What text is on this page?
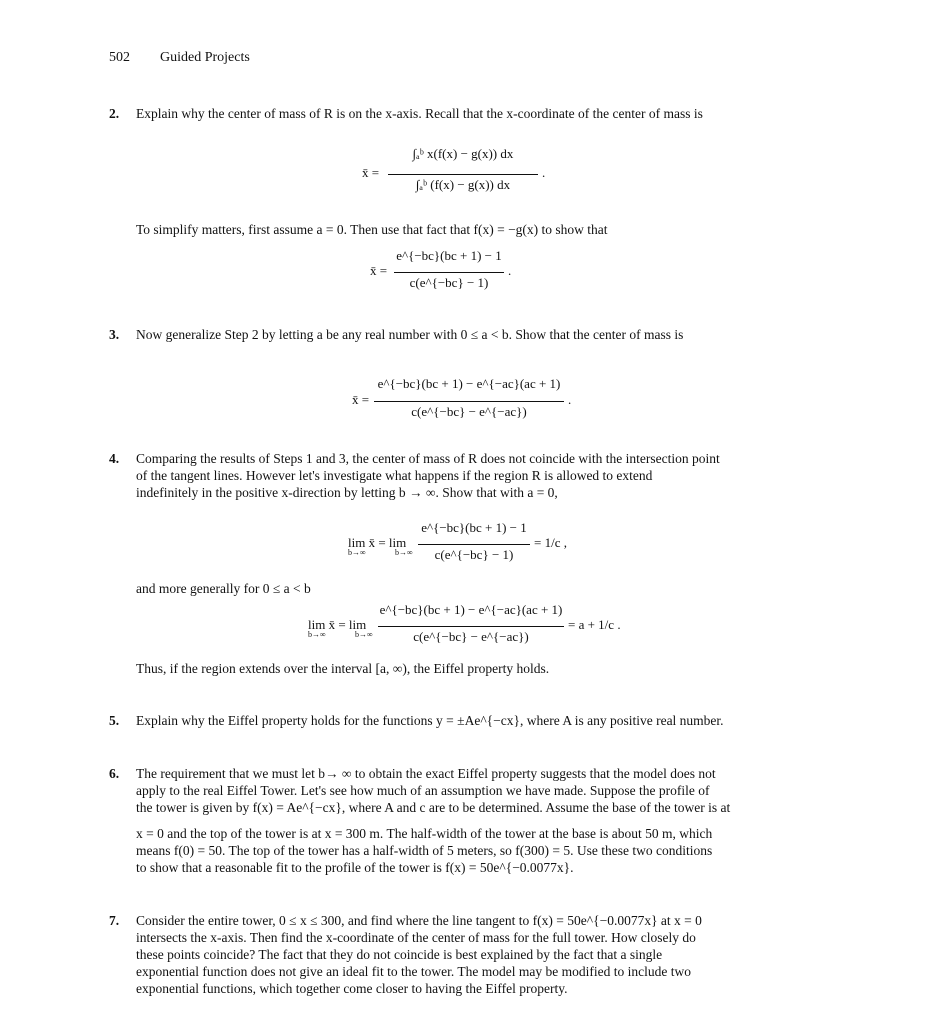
502 Guided Projects
2. Explain why the center of mass of R is on the x-axis. Recall that the x-coordinate of the center of mass is
x̄ =
∫ₐᵇ x(f(x) − g(x)) dx
∫ₐᵇ (f(x) − g(x)) dx
.
To simplify matters, first assume a = 0. Then use that fact that f(x) = −g(x) to show that
x̄ =
e^{−bc}(bc + 1) − 1
c(e^{−bc} − 1)
.
3. Now generalize Step 2 by letting a be any real number with 0 ≤ a < b. Show that the center of mass is
x̄ =
e^{−bc}(bc + 1) − e^{−ac}(ac + 1)
c(e^{−bc} − e^{−ac})
.
4. Comparing the results of Steps 1 and 3, the center of mass of R does not coincide with the intersection point
of the tangent lines. However let's investigate what happens if the region R is allowed to extend
indefinitely in the positive x-direction by letting b → ∞. Show that with a = 0,
lim x̄ = lim
b→∞	b→∞
e^{−bc}(bc + 1) − 1
c(e^{−bc} − 1)
= 1/c ,
and more generally for 0 ≤ a < b
lim x̄ = lim
b→∞	b→∞
e^{−bc}(bc + 1) − e^{−ac}(ac + 1)
c(e^{−bc} − e^{−ac})
= a + 1/c .
Thus, if the region extends over the interval [a, ∞), the Eiffel property holds.
5. Explain why the Eiffel property holds for the functions y = ±Ae^{−cx}, where A is any positive real number.
6. The requirement that we must let b→ ∞ to obtain the exact Eiffel property suggests that the model does not
apply to the real Eiffel Tower. Let's see how much of an assumption we have made. Suppose the profile of
the tower is given by f(x) = Ae^{−cx}, where A and c are to be determined. Assume the base of the tower is at
x = 0 and the top of the tower is at x = 300 m. The half-width of the tower at the base is about 50 m, which
means f(0) = 50. The top of the tower has a half-width of 5 meters, so f(300) = 5. Use these two conditions
to show that a reasonable fit to the profile of the tower is f(x) = 50e^{−0.0077x}.
7. Consider the entire tower, 0 ≤ x ≤ 300, and find where the line tangent to f(x) = 50e^{−0.0077x} at x = 0
intersects the x-axis. Then find the x-coordinate of the center of mass for the full tower. How closely do
these points coincide? The fact that they do not coincide is best explained by the fact that a single
exponential function does not give an ideal fit to the tower. The model may be modified to include two
exponential functions, which together come closer to having the Eiffel property.
